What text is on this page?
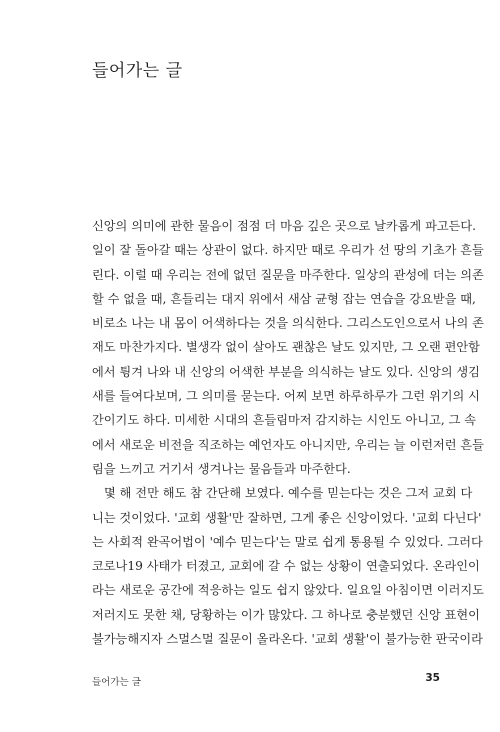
들어가는 글
신앙의 의미에 관한 물음이 점점 더 마음 깊은 곳으로 날카롭게 파고든다.
일이 잘 돌아갈 때는 상관이 없다. 하지만 때로 우리가 선 땅의 기초가 흔들
린다. 이럴 때 우리는 전에 없던 질문을 마주한다. 일상의 관성에 더는 의존
할 수 없을 때, 흔들리는 대지 위에서 새삼 균형 잡는 연습을 강요받을 때,
비로소 나는 내 몸이 어색하다는 것을 의식한다. 그리스도인으로서 나의 존
재도 마찬가지다. 별생각 없이 살아도 괜찮은 날도 있지만, 그 오랜 편안함
에서 튕겨 나와 내 신앙의 어색한 부분을 의식하는 날도 있다. 신앙의 생김
새를 들여다보며, 그 의미를 묻는다. 어찌 보면 하루하루가 그런 위기의 시
간이기도 하다. 미세한 시대의 흔들림마저 감지하는 시인도 아니고, 그 속
에서 새로운 비전을 직조하는 예언자도 아니지만, 우리는 늘 이런저런 흔들
림을 느끼고 거기서 생겨나는 물음들과 마주한다.
몇 해 전만 해도 참 간단해 보였다. 예수를 믿는다는 것은 그저 교회 다
니는 것이었다. '교회 생활'만 잘하면, 그게 좋은 신앙이었다. '교회 다닌다'
는 사회적 완곡어법이 '예수 믿는다'는 말로 쉽게 통용될 수 있었다. 그러다
코로나19 사태가 터졌고, 교회에 갈 수 없는 상황이 연출되었다. 온라인이
라는 새로운 공간에 적응하는 일도 쉽지 않았다. 일요일 아침이면 이러지도
저러지도 못한 채, 당황하는 이가 많았다. 그 하나로 충분했던 신앙 표현이
불가능해지자 스멀스멀 질문이 올라온다. '교회 생활'이 불가능한 판국이라
들어가는 글	35
